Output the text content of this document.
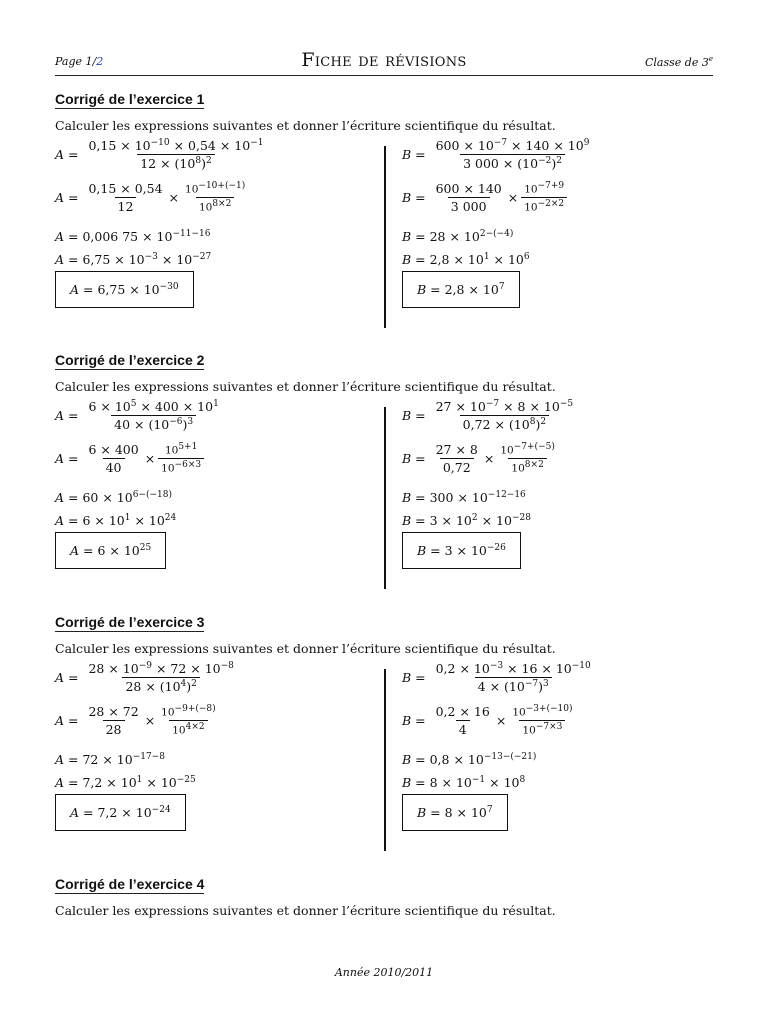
Page 1/2	Fiche de révisions	Classe de 3e
Corrigé de l’exercice 1
Calculer les expressions suivantes et donner l’écriture scientifique du résultat.
$A = \frac{0,15 \times 10^{-10} \times 0,54 \times 10^{-1}}{12 \times (10^8)^2}$
$A = \frac{0,15 \times 0,54}{12} \times \frac{10^{-10+(-1)}}{10^{8\times 2}}$
A = 0,006 $75 \times 10^{-11-16}$
$A = 6,75 \times 10^{-3} \times 10^{-27}$
$A = 6,75 \times 10^{-30}$
$B = \frac{600 \times 10^{-7} \times 140 \times 10^9}{3 000 \times (10^{-2})^2}$
$B = \frac{600 \times 140}{3 000} \times \frac{10^{-7+9}}{10^{-2\times 2}}$
$B = 28 \times 10^{2-(-4)}$
$B = 2,8 \times 10^1 \times 10^6$
$B = 2,8 \times 10^7$
Corrigé de l’exercice 2
Calculer les expressions suivantes et donner l’écriture scientifique du résultat.
$A = \frac{6 \times 10^5 \times 400 \times 10^1}{40 \times (10^{-6})^3}$
$A = \frac{6 \times 400}{40} \times \frac{10^{5+1}}{10^{-6\times 3}}$
$A = 60 \times 10^{6-(-18)}$
$A = 6 \times 10^1 \times 10^{24}$
$A = 6 \times 10^{25}$
$B = \frac{27 \times 10^{-7} \times 8 \times 10^{-5}}{0,72 \times (10^8)^2}$
$B = \frac{27 \times 8}{0,72} \times \frac{10^{-7+(-5)}}{10^{8\times 2}}$
$B = 300 \times 10^{-12-16}$
$B = 3 \times 10^2 \times 10^{-28}$
$B = 3 \times 10^{-26}$
Corrigé de l’exercice 3
Calculer les expressions suivantes et donner l’écriture scientifique du résultat.
$A = \frac{28 \times 10^{-9} \times 72 \times 10^{-8}}{28 \times (10^4)^2}$
$A = \frac{28 \times 72}{28} \times \frac{10^{-9+(-8)}}{10^{4\times 2}}$
$A = 72 \times 10^{-17-8}$
$A = 7,2 \times 10^1 \times 10^{-25}$
$A = 7,2 \times 10^{-24}$
$B = \frac{0,2 \times 10^{-3} \times 16 \times 10^{-10}}{4 \times (10^{-7})^3}$
$B = \frac{0,2 \times 16}{4} \times \frac{10^{-3+(-10)}}{10^{-7\times 3}}$
$B = 0,8 \times 10^{-13-(-21)}$
$B = 8 \times 10^{-1} \times 10^8$
$B = 8 \times 10^7$
Corrigé de l’exercice 4
Calculer les expressions suivantes et donner l’écriture scientifique du résultat.
Année 2010/2011
